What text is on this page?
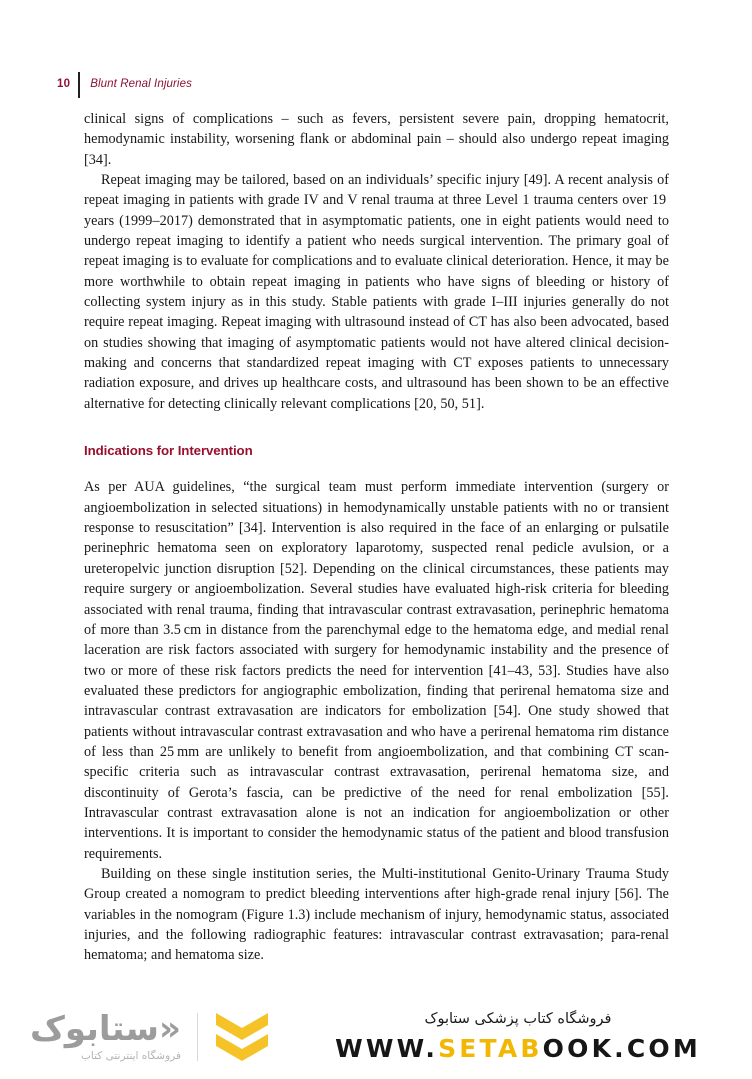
10 Blunt Renal Injuries

clinical signs of complications – such as fevers, persistent severe pain, dropping hematocrit, hemodynamic instability, worsening flank or abdominal pain – should also undergo repeat imaging [34].

Repeat imaging may be tailored, based on an individuals’ specific injury [49]. A recent analysis of repeat imaging in patients with grade IV and V renal trauma at three Level 1 trauma centers over 19 years (1999–2017) demonstrated that in asymptomatic patients, one in eight patients would need to undergo repeat imaging to identify a patient who needs surgical intervention. The primary goal of repeat imaging is to evaluate for complications and to evaluate clinical deterioration. Hence, it may be more worthwhile to obtain repeat imaging in patients who have signs of bleeding or history of collecting system injury as in this study. Stable patients with grade I–III injuries generally do not require repeat imaging. Repeat imaging with ultrasound instead of CT has also been advocated, based on studies showing that imaging of asymptomatic patients would not have altered clinical decision-making and concerns that standardized repeat imaging with CT exposes patients to unnecessary radiation exposure, and drives up healthcare costs, and ultrasound has been shown to be an effective alternative for detecting clinically relevant complications [20, 50, 51].

Indications for Intervention

As per AUA guidelines, “the surgical team must perform immediate intervention (surgery or angioembolization in selected situations) in hemodynamically unstable patients with no or transient response to resuscitation” [34]. Intervention is also required in the face of an enlarging or pulsatile perinephric hematoma seen on exploratory laparotomy, suspected renal pedicle avulsion, or a ureteropelvic junction disruption [52]. Depending on the clinical circumstances, these patients may require surgery or angioembolization. Several studies have evaluated high-risk criteria for bleeding associated with renal trauma, finding that intravascular contrast extravasation, perinephric hematoma of more than 3.5 cm in distance from the parenchymal edge to the hematoma edge, and medial renal laceration are risk factors associated with surgery for hemodynamic instability and the presence of two or more of these risk factors predicts the need for intervention [41–43, 53]. Studies have also evaluated these predictors for angiographic embolization, finding that perirenal hematoma size and intravascular contrast extravasation are indicators for embolization [54]. One study showed that patients without intravascular contrast extravasation and who have a perirenal hematoma rim distance of less than 25 mm are unlikely to benefit from angioembolization, and that combining CT scan-specific criteria such as intravascular contrast extravasation, perirenal hematoma size, and discontinuity of Gerota’s fascia, can be predictive of the need for renal embolization [55]. Intravascular contrast extravasation alone is not an indication for angioembolization or other interventions. It is important to consider the hemodynamic status of the patient and blood transfusion requirements.

Building on these single institution series, the Multi-institutional Genito-Urinary Trauma Study Group created a nomogram to predict bleeding interventions after high-grade renal injury [56]. The variables in the nomogram (Figure 1.3) include mechanism of injury, hemodynamic status, associated injuries, and the following radiographic features: intravascular contrast extravasation; para-renal hematoma; and hematoma size.

«ستابوک
فروشگاه اینترنتی کتاب
فروشگاه کتاب پزشکی ستابوک
WWW.SETABOOK.COM
